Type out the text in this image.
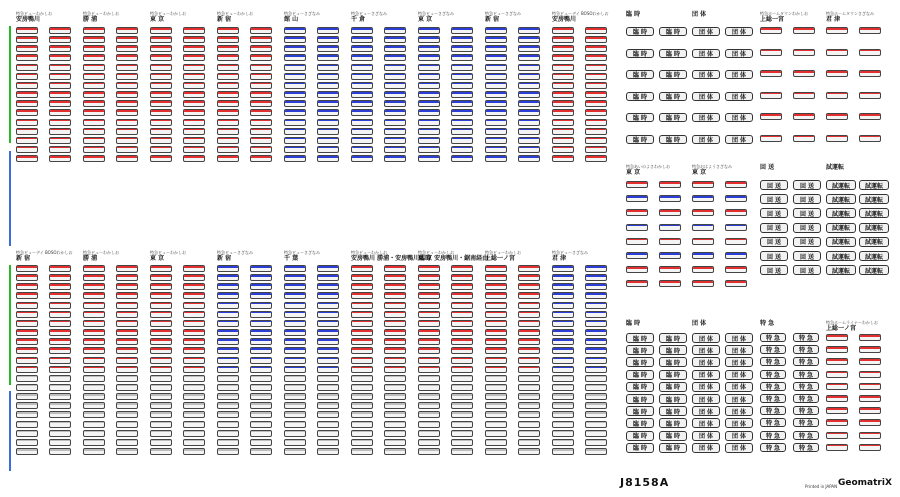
特急ビューわかしお
安房鴨川
特急ビューわかしお
勝 浦
特急ビューわかしお
東 京
特急ビューわかしお
新 宿
特急ビューさざなみ
館 山
特急ビューさざなみ
千 倉
特急ビューさざなみ
東 京
特急ビューさざなみ
新 宿
特急ビューデイ BOSOわかしお
安房鴨川
特急ビューデイ BOSOわかしお
新 宿
特急ビューわかしお
勝 浦
特急ビューわかしお
東 京
特急ビューさざなみ
新 宿
特急ビューさざなみ
千 葉
特急ビューわかしお
安房鴨川 勝浦・安房鴨川臨時
特急ビューわかしお
東 京 安房鴨川・鋸南経由
特急ビューわかしお
上総一ノ宮
特急ビューさざなみ
君 津
臨 時	団 体	特急ホームタウンわかしお
上総一宮
特急ホームタウンさざなみ
君 津
臨 時	臨 時	団 体	団 体
臨 時	臨 時	団 体	団 体
臨 時	臨 時	団 体	団 体
臨 時	臨 時	団 体	団 体
臨 時	臨 時	団 体	団 体
臨 時	臨 時	団 体	団 体
特急あいのよさわかしお
東 京
特急おはようさざなみ
東 京
回 送	試運転
回 送	回 送	試運転	試運転
回 送	回 送	試運転	試運転
回 送	回 送	試運転	試運転
回 送	回 送	試運転	試運転
回 送	回 送	試運転	試運転
回 送	回 送	試運転	試運転
回 送	回 送	試運転	試運転
臨 時	団 体	特 急	特急ホームライナーわかしお
上総一ノ宮
臨 時	臨 時	団 体	団 体	特 急	特 急
臨 時	臨 時	団 体	団 体	特 急	特 急
臨 時	臨 時	団 体	団 体	特 急	特 急
臨 時	臨 時	団 体	団 体	特 急	特 急
臨 時	臨 時	団 体	団 体	特 急	特 急
臨 時	臨 時	団 体	団 体	特 急	特 急
臨 時	臨 時	団 体	団 体	特 急	特 急
臨 時	臨 時	団 体	団 体	特 急	特 急
臨 時	臨 時	団 体	団 体	特 急	特 急
臨 時	臨 時	団 体	団 体	特 急	特 急
J8158A	Printed in JAPAN GeomatriX
